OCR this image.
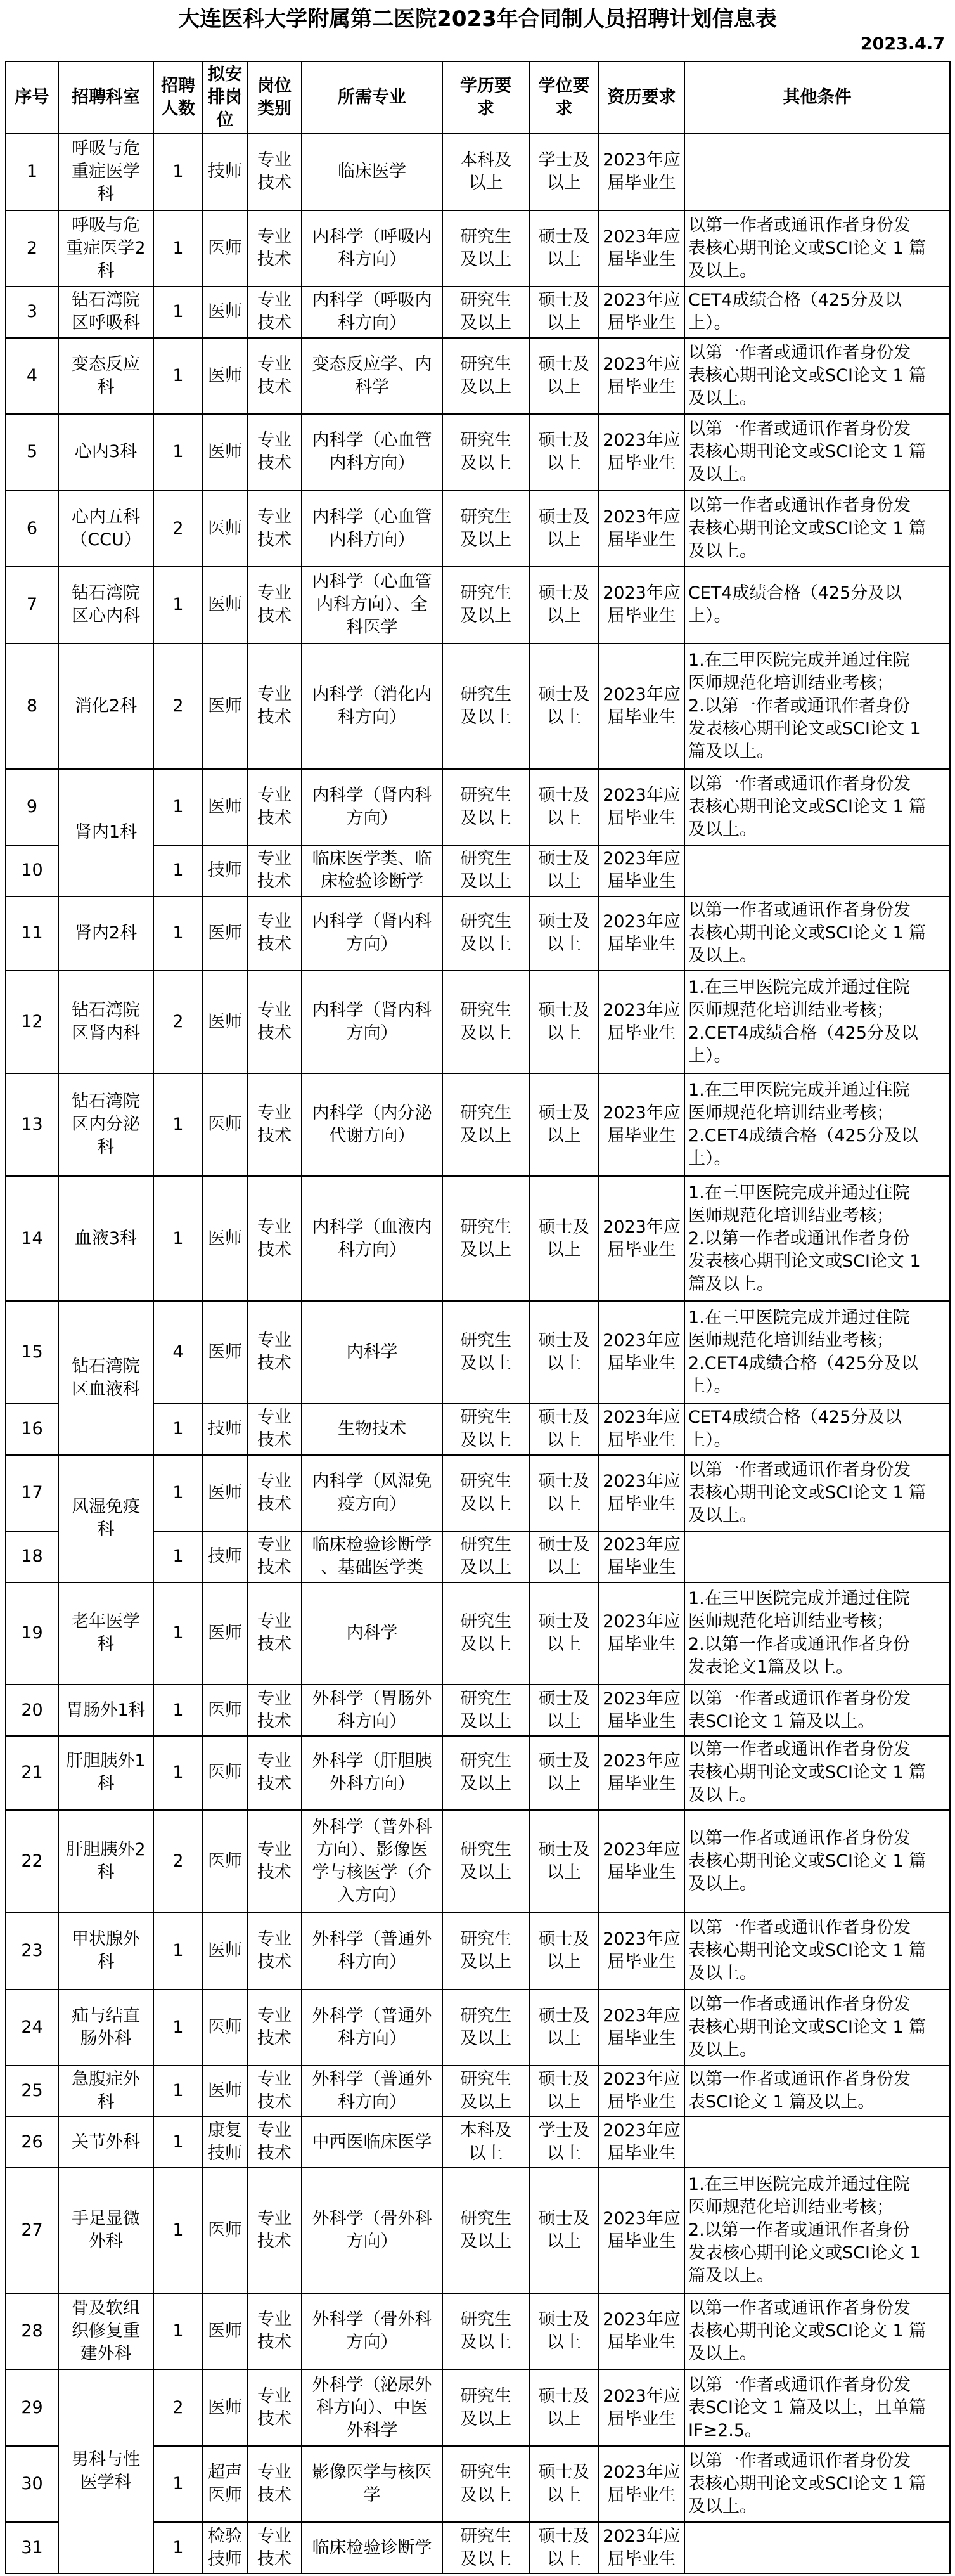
大连医科大学附属第二医院2023年合同制人员招聘计划信息表
2023.4.7
序号	招聘科室	招聘
人数	拟安
排岗
位	岗位
类别	所需专业	学历要
求	学位要
求	资历要求	其他条件
1	呼吸与危
重症医学
科	1	技师	专业
技术	临床医学	本科及
以上	学士及
以上	2023年应
届毕业生	
2	呼吸与危
重症医学2
科	1	医师	专业
技术	内科学（呼吸内
科方向）	研究生
及以上	硕士及
以上	2023年应
届毕业生	以第一作者或通讯作者身份发
表核心期刊论文或SCI论文 1 篇
及以上。
3	钻石湾院
区呼吸科	1	医师	专业
技术	内科学（呼吸内
科方向）	研究生
及以上	硕士及
以上	2023年应
届毕业生	CET4成绩合格（425分及以
上）。
4	变态反应
科	1	医师	专业
技术	变态反应学、内
科学	研究生
及以上	硕士及
以上	2023年应
届毕业生	以第一作者或通讯作者身份发
表核心期刊论文或SCI论文 1 篇
及以上。
5	心内3科	1	医师	专业
技术	内科学（心血管
内科方向）	研究生
及以上	硕士及
以上	2023年应
届毕业生	以第一作者或通讯作者身份发
表核心期刊论文或SCI论文 1 篇
及以上。
6	心内五科
（CCU）	2	医师	专业
技术	内科学（心血管
内科方向）	研究生
及以上	硕士及
以上	2023年应
届毕业生	以第一作者或通讯作者身份发
表核心期刊论文或SCI论文 1 篇
及以上。
7	钻石湾院
区心内科	1	医师	专业
技术	内科学（心血管
内科方向）、全
科医学	研究生
及以上	硕士及
以上	2023年应
届毕业生	CET4成绩合格（425分及以
上）。
8	消化2科	2	医师	专业
技术	内科学（消化内
科方向）	研究生
及以上	硕士及
以上	2023年应
届毕业生	1.在三甲医院完成并通过住院
医师规范化培训结业考核；
2.以第一作者或通讯作者身份
发表核心期刊论文或SCI论文 1
篇及以上。
9	肾内1科	1	医师	专业
技术	内科学（肾内科
方向）	研究生
及以上	硕士及
以上	2023年应
届毕业生	以第一作者或通讯作者身份发
表核心期刊论文或SCI论文 1 篇
及以上。
10		1	技师	专业
技术	临床医学类、临
床检验诊断学	研究生
及以上	硕士及
以上	2023年应
届毕业生	
11	肾内2科	1	医师	专业
技术	内科学（肾内科
方向）	研究生
及以上	硕士及
以上	2023年应
届毕业生	以第一作者或通讯作者身份发
表核心期刊论文或SCI论文 1 篇
及以上。
12	钻石湾院
区肾内科	2	医师	专业
技术	内科学（肾内科
方向）	研究生
及以上	硕士及
以上	2023年应
届毕业生	1.在三甲医院完成并通过住院
医师规范化培训结业考核；
2.CET4成绩合格（425分及以
上）。
13	钻石湾院
区内分泌
科	1	医师	专业
技术	内科学（内分泌
代谢方向）	研究生
及以上	硕士及
以上	2023年应
届毕业生	1.在三甲医院完成并通过住院
医师规范化培训结业考核；
2.CET4成绩合格（425分及以
上）。
14	血液3科	1	医师	专业
技术	内科学（血液内
科方向）	研究生
及以上	硕士及
以上	2023年应
届毕业生	1.在三甲医院完成并通过住院
医师规范化培训结业考核；
2.以第一作者或通讯作者身份
发表核心期刊论文或SCI论文 1
篇及以上。
15	钻石湾院
区血液科	4	医师	专业
技术	内科学	研究生
及以上	硕士及
以上	2023年应
届毕业生	1.在三甲医院完成并通过住院
医师规范化培训结业考核；
2.CET4成绩合格（425分及以
上）。
16		1	技师	专业
技术	生物技术	研究生
及以上	硕士及
以上	2023年应
届毕业生	CET4成绩合格（425分及以
上）。
17	风湿免疫
科	1	医师	专业
技术	内科学（风湿免
疫方向）	研究生
及以上	硕士及
以上	2023年应
届毕业生	以第一作者或通讯作者身份发
表核心期刊论文或SCI论文 1 篇
及以上。
18		1	技师	专业
技术	临床检验诊断学
、基础医学类	研究生
及以上	硕士及
以上	2023年应
届毕业生	
19	老年医学
科	1	医师	专业
技术	内科学	研究生
及以上	硕士及
以上	2023年应
届毕业生	1.在三甲医院完成并通过住院
医师规范化培训结业考核；
2.以第一作者或通讯作者身份
发表论文1篇及以上。
20	胃肠外1科	1	医师	专业
技术	外科学（胃肠外
科方向）	研究生
及以上	硕士及
以上	2023年应
届毕业生	以第一作者或通讯作者身份发
表SCI论文 1 篇及以上。
21	肝胆胰外1
科	1	医师	专业
技术	外科学（肝胆胰
外科方向）	研究生
及以上	硕士及
以上	2023年应
届毕业生	以第一作者或通讯作者身份发
表核心期刊论文或SCI论文 1 篇
及以上。
22	肝胆胰外2
科	2	医师	专业
技术	外科学（普外科
方向）、影像医
学与核医学（介
入方向）	研究生
及以上	硕士及
以上	2023年应
届毕业生	以第一作者或通讯作者身份发
表核心期刊论文或SCI论文 1 篇
及以上。
23	甲状腺外
科	1	医师	专业
技术	外科学（普通外
科方向）	研究生
及以上	硕士及
以上	2023年应
届毕业生	以第一作者或通讯作者身份发
表核心期刊论文或SCI论文 1 篇
及以上。
24	疝与结直
肠外科	1	医师	专业
技术	外科学（普通外
科方向）	研究生
及以上	硕士及
以上	2023年应
届毕业生	以第一作者或通讯作者身份发
表核心期刊论文或SCI论文 1 篇
及以上。
25	急腹症外
科	1	医师	专业
技术	外科学（普通外
科方向）	研究生
及以上	硕士及
以上	2023年应
届毕业生	以第一作者或通讯作者身份发
表SCI论文 1 篇及以上。
26	关节外科	1	康复
技师	专业
技术	中西医临床医学	本科及
以上	学士及
以上	2023年应
届毕业生	
27	手足显微
外科	1	医师	专业
技术	外科学（骨外科
方向）	研究生
及以上	硕士及
以上	2023年应
届毕业生	1.在三甲医院完成并通过住院
医师规范化培训结业考核；
2.以第一作者或通讯作者身份
发表核心期刊论文或SCI论文 1
篇及以上。
28	骨及软组
织修复重
建外科	1	医师	专业
技术	外科学（骨外科
方向）	研究生
及以上	硕士及
以上	2023年应
届毕业生	以第一作者或通讯作者身份发
表核心期刊论文或SCI论文 1 篇
及以上。
29	男科与性
医学科	2	医师	专业
技术	外科学（泌尿外
科方向）、中医
外科学	研究生
及以上	硕士及
以上	2023年应
届毕业生	以第一作者或通讯作者身份发
表SCI论文 1 篇及以上，且单篇
IF≥2.5。
30		1	超声
医师	专业
技术	影像医学与核医
学	研究生
及以上	硕士及
以上	2023年应
届毕业生	以第一作者或通讯作者身份发
表核心期刊论文或SCI论文 1 篇
及以上。
31		1	检验
技师	专业
技术	临床检验诊断学	研究生
及以上	硕士及
以上	2023年应
届毕业生	
